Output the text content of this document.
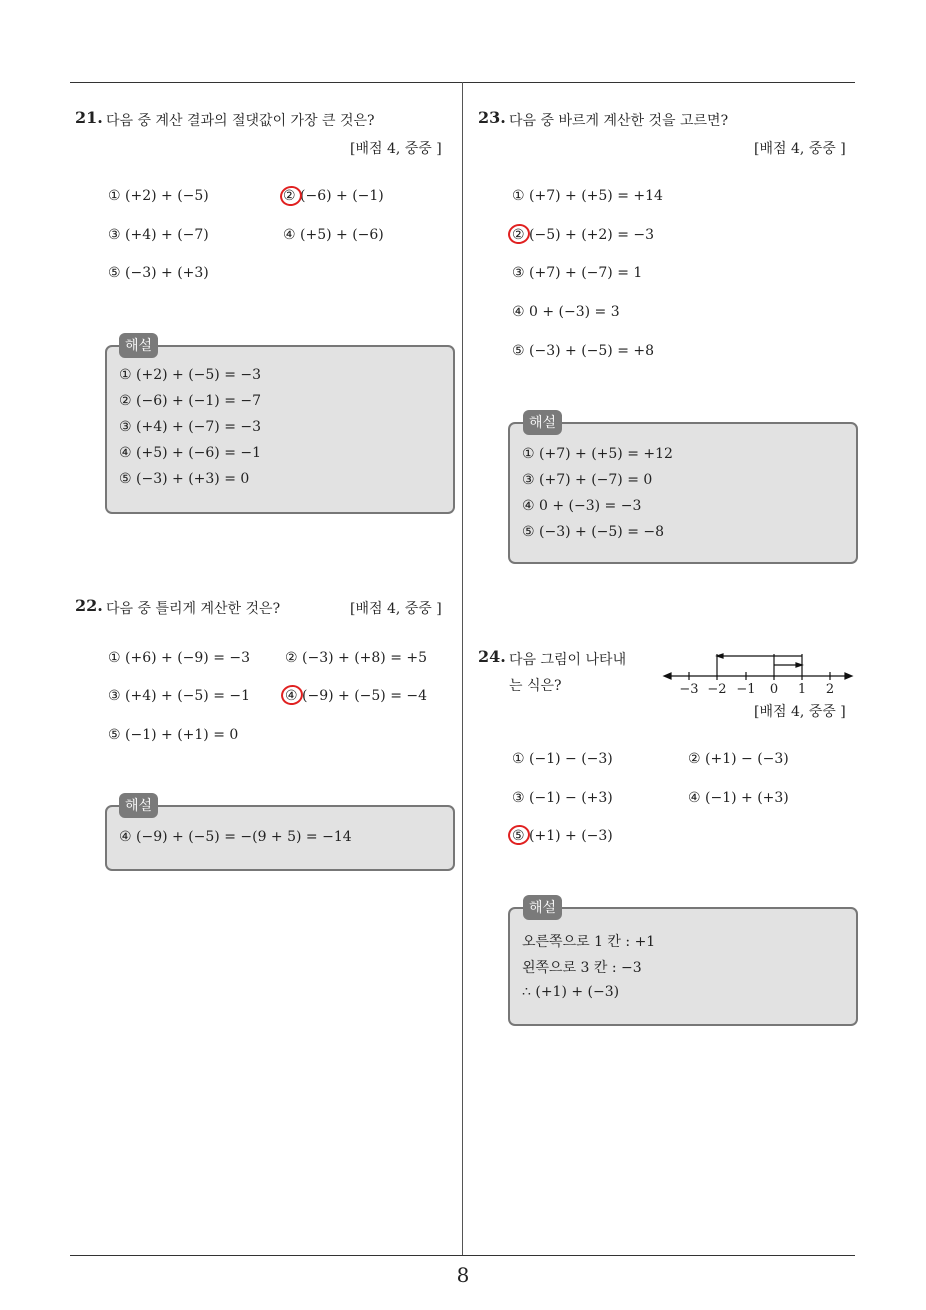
21. 다음 중 계산 결과의 절댓값이 가장 큰 것은?
[배점 4, 중중 ]
① (+2) + (−5)	② (−6) + (−1)
③ (+4) + (−7)	④ (+5) + (−6)
⑤ (−3) + (+3)
① (+2) + (−5) = −3
② (−6) + (−1) = −7
③ (+4) + (−7) = −3
④ (+5) + (−6) = −1
⑤ (−3) + (+3) = 0
해설
22. 다음 중 틀리게 계산한 것은?	[배점 4, 중중 ]
① (+6) + (−9) = −3 ② (−3) + (+8) = +5
③ (+4) + (−5) = −1 ④ (−9) + (−5) = −4
⑤ (−1) + (+1) = 0
④ (−9) + (−5) = −(9 + 5) = −14
해설
23. 다음 중 바르게 계산한 것을 고르면?
[배점 4, 중중 ]
① (+7) + (+5) = +14
② (−5) + (+2) = −3
③ (+7) + (−7) = 1
④ 0 + (−3) = 3
⑤ (−3) + (−5) = +8
① (+7) + (+5) = +12
③ (+7) + (−7) = 0
④ 0 + (−3) = −3
⑤ (−3) + (−5) = −8
해설
24. 다음 그림이 나타내
는 식은?	−3 −2 −1 0 1 2
[배점 4, 중중 ]
① (−1) − (−3)	② (+1) − (−3)
③ (−1) − (+3)	④ (−1) + (+3)
⑤ (+1) + (−3)
오른쪽으로 1 칸 : +1
왼쪽으로 3 칸 : −3
∴ (+1) + (−3)
해설
8
